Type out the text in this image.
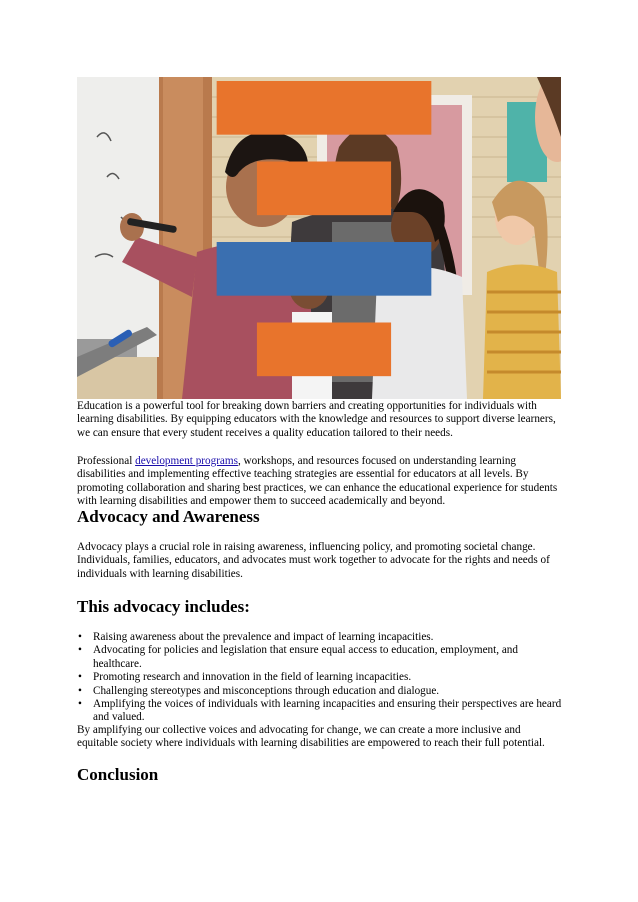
Education is a powerful tool for breaking down barriers and creating opportunities for individuals with learning disabilities. By equipping educators with the knowledge and resources to support diverse learners, we can ensure that every student receives a quality education tailored to their needs.

Professional development programs, workshops, and resources focused on understanding learning disabilities and implementing effective teaching strategies are essential for educators at all levels. By promoting collaboration and sharing best practices, we can enhance the educational experience for students with learning disabilities and empower them to succeed academically and beyond.

Advocacy and Awareness

Advocacy plays a crucial role in raising awareness, influencing policy, and promoting societal change. Individuals, families, educators, and advocates must work together to advocate for the rights and needs of individuals with learning disabilities.

This advocacy includes:
• Raising awareness about the prevalence and impact of learning incapacities.
• Advocating for policies and legislation that ensure equal access to education, employment, and healthcare.
• Promoting research and innovation in the field of learning incapacities.
• Challenging stereotypes and misconceptions through education and dialogue.
• Amplifying the voices of individuals with learning incapacities and ensuring their perspectives are heard and valued.

By amplifying our collective voices and advocating for change, we can create a more inclusive and equitable society where individuals with learning disabilities are empowered to reach their full potential.

Conclusion
